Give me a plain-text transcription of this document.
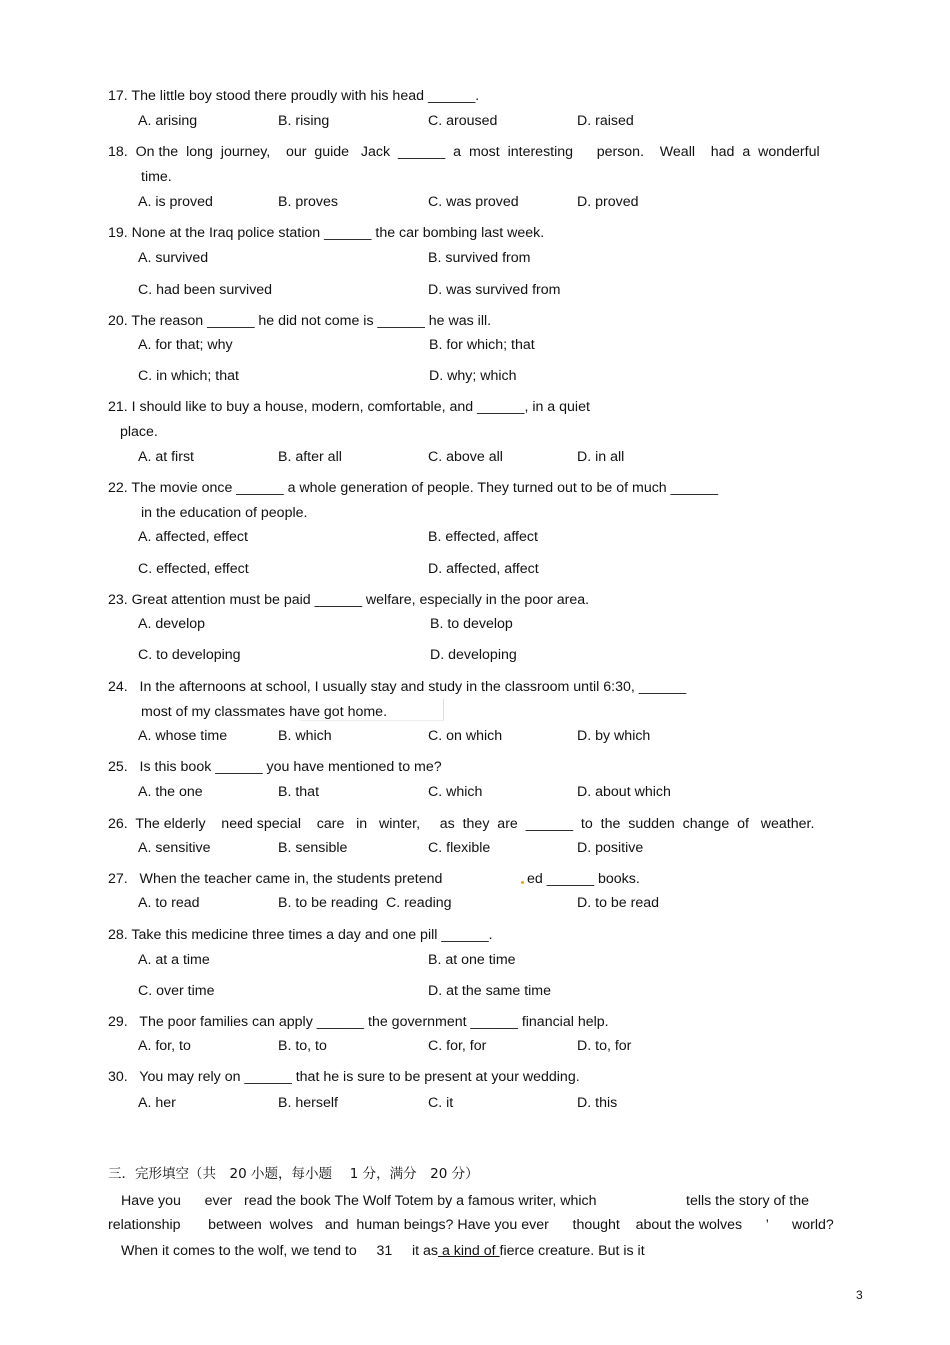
17. The little boy stood there proudly with his head ______.
A. arising	B. rising	C. aroused	D. raised
18.  On the  long  journey,    our  guide   Jack  ______  a  most  interesting      person.    Weall    had  a  wonderful
time.
A. is proved	B. proves	C. was proved	D. proved
19. None at the Iraq police station ______ the car bombing last week.
A. survived	B. survived from
C. had been survived	D. was survived from
20. The reason ______ he did not come is ______ he was ill.
A. for that; why	B. for which; that
C. in which; that	D. why; which
21. I should like to buy a house, modern, comfortable, and ______, in a quiet
place.
A. at first	B. after all	C. above all	D. in all
22. The movie once ______ a whole generation of people. They turned out to be of much ______
in the education of people.
A. affected, effect	B. effected, affect
C. effected, effect	D. affected, affect
23. Great attention must be paid ______ welfare, especially in the poor area.
A. develop	B. to develop
C. to developing	D. developing
24.   In the afternoons at school, I usually stay and study in the classroom until 6:30, ______
most of my classmates have got home.
A. whose time	B. which	C. on which	D. by which
25.   Is this book ______ you have mentioned to me?
A. the one	B. that	C. which	D. about which
26.  The elderly    need special    care   in   winter,     as  they  are  ______  to  the  sudden  change  of   weather.
A. sensitive	B. sensible	C. flexible	D. positive
27.   When the teacher came in, the students pretend	ed ______ books.
A. to read	B. to be reading  C. reading	D. to be read
28. Take this medicine three times a day and one pill ______.
A. at a time	B. at one time
C. over time	D. at the same time
29.   The poor families can apply ______ the government ______ financial help.
A. for, to	B. to, to	C. for, for	D. to, for
30.   You may rely on ______ that he is sure to be present at your wedding.
A. her	B. herself	C. it	D. this
三．完形填空（共　20 小题，每小题　 1 分，满分　20 分）
Have you      ever   read the book The Wolf Totem by a famous writer, which	tells the story of the
relationship       between  wolves   and  human beings? Have you ever      thought    about the wolves      ’      world?
When it comes to the wolf, we tend to     31     it as a kind of fierce creature. But is it
3
